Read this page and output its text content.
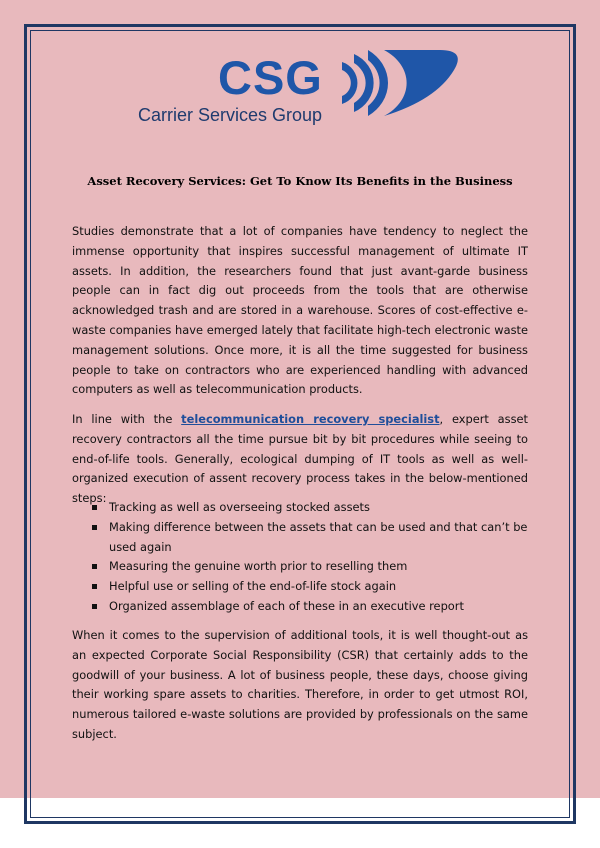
CSG
Carrier Services Group
Asset Recovery Services: Get To Know Its Benefits in the Business

Studies demonstrate that a lot of companies have tendency to neglect the immense opportunity that inspires successful management of ultimate IT assets. In addition, the researchers found that just avant-garde business people can in fact dig out proceeds from the tools that are otherwise acknowledged trash and are stored in a warehouse. Scores of cost-effective e-waste companies have emerged lately that facilitate high-tech electronic waste management solutions. Once more, it is all the time suggested for business people to take on contractors who are experienced handling with advanced computers as well as telecommunication products.

In line with the telecommunication recovery specialist, expert asset recovery contractors all the time pursue bit by bit procedures while seeing to end-of-life tools. Generally, ecological dumping of IT tools as well as well-organized execution of assent recovery process takes in the below-mentioned steps:

Tracking as well as overseeing stocked assets
Making difference between the assets that can be used and that can’t be used again
Measuring the genuine worth prior to reselling them
Helpful use or selling of the end-of-life stock again
Organized assemblage of each of these in an executive report

When it comes to the supervision of additional tools, it is well thought-out as an expected Corporate Social Responsibility (CSR) that certainly adds to the goodwill of your business. A lot of business people, these days, choose giving their working spare assets to charities. Therefore, in order to get utmost ROI, numerous tailored e-waste solutions are provided by professionals on the same subject.
